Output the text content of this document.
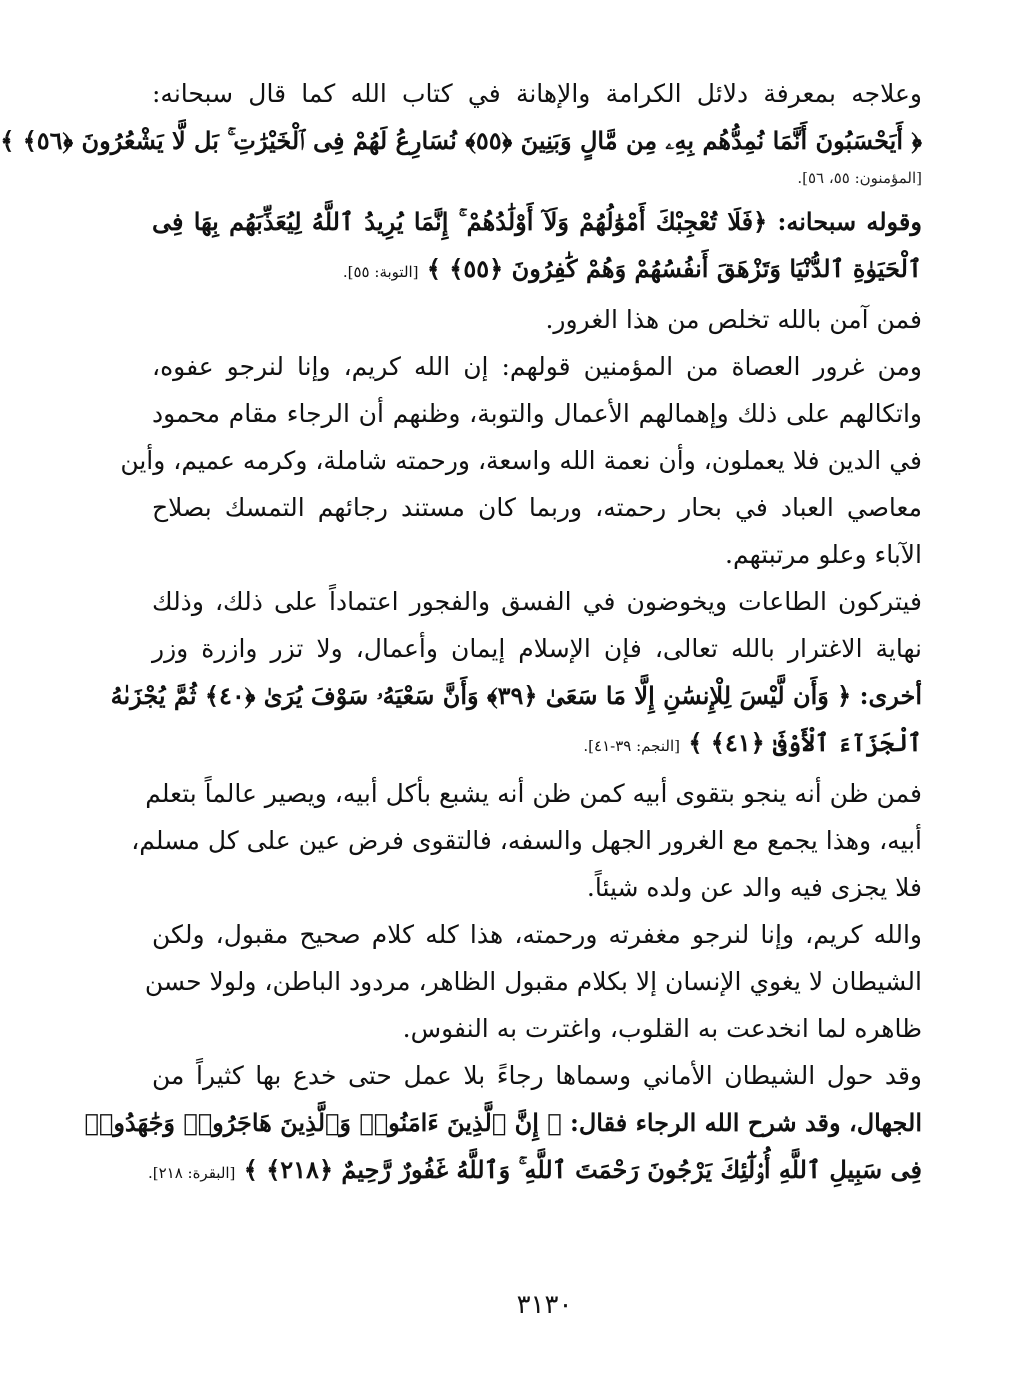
وعلاجه بمعرفة دلائل الكرامة والإهانة في كتاب الله كما قال سبحانه:
﴿ أَيَحْسَبُونَ أَنَّمَا نُمِدُّهُم بِهِۦ مِن مَّالٍ وَبَنِينَ ﴿٥٥﴾ نُسَارِعُ لَهُمْ فِى ٱلْخَيْرَٰتِ ۚ بَل لَّا يَشْعُرُونَ ﴿٥٦﴾ ﴾
[المؤمنون: ٥٥، ٥٦].
وقوله سبحانه: ﴿فَلَا تُعْجِبْكَ أَمْوَٰلُهُمْ وَلَآ أَوْلَٰدُهُمْ ۚ إِنَّمَا يُرِيدُ ٱللَّهُ لِيُعَذِّبَهُم بِهَا فِى
ٱلْحَيَوٰةِ ٱلدُّنْيَا وَتَزْهَقَ أَنفُسُهُمْ وَهُمْ كَٰفِرُونَ ﴿٥٥﴾ ﴾ [التوبة: ٥٥].
فمن آمن بالله تخلص من هذا الغرور.
ومن غرور العصاة من المؤمنين قولهم: إن الله كريم، وإنا لنرجو عفوه،
واتكالهم على ذلك وإهمالهم الأعمال والتوبة، وظنهم أن الرجاء مقام محمود
في الدين فلا يعملون، وأن نعمة الله واسعة، ورحمته شاملة، وكرمه عميم، وأين
معاصي العباد في بحار رحمته، وربما كان مستند رجائهم التمسك بصلاح
الآباء وعلو مرتبتهم.
فيتركون الطاعات ويخوضون في الفسق والفجور اعتماداً على ذلك، وذلك
نهاية الاغترار بالله تعالى، فإن الإسلام إيمان وأعمال، ولا تزر وازرة وزر
أخرى: ﴿ وَأَن لَّيْسَ لِلْإِنسَٰنِ إِلَّا مَا سَعَىٰ ﴿٣٩﴾ وَأَنَّ سَعْيَهُۥ سَوْفَ يُرَىٰ ﴿٤٠﴾ ثُمَّ يُجْزَىٰهُ
ٱلْجَزَآءَ ٱلْأَوْفَىٰ ﴿٤١﴾ ﴾ [النجم: ٣٩-٤١].
فمن ظن أنه ينجو بتقوى أبيه كمن ظن أنه يشبع بأكل أبيه، ويصير عالماً بتعلم
أبيه، وهذا يجمع مع الغرور الجهل والسفه، فالتقوى فرض عين على كل مسلم،
فلا يجزى فيه والد عن ولده شيئاً.
والله كريم، وإنا لنرجو مغفرته ورحمته، هذا كله كلام صحيح مقبول، ولكن
الشيطان لا يغوي الإنسان إلا بكلام مقبول الظاهر، مردود الباطن، ولولا حسن
ظاهره لما انخدعت به القلوب، واغترت به النفوس.
وقد حول الشيطان الأماني وسماها رجاءً بلا عمل حتى خدع بها كثيراً من
الجهال، وقد شرح الله الرجاء فقال: ﴿ إِنَّ ٱلَّذِينَ ءَامَنُوا۟ وَٱلَّذِينَ هَاجَرُوا۟ وَجَٰهَدُوا۟
فِى سَبِيلِ ٱللَّهِ أُو۟لَٰٓئِكَ يَرْجُونَ رَحْمَتَ ٱللَّهِ ۚ وَٱللَّهُ غَفُورٌ رَّحِيمٌ ﴿٢١٨﴾ ﴾ [البقرة: ٢١٨].
٣١٣٠
